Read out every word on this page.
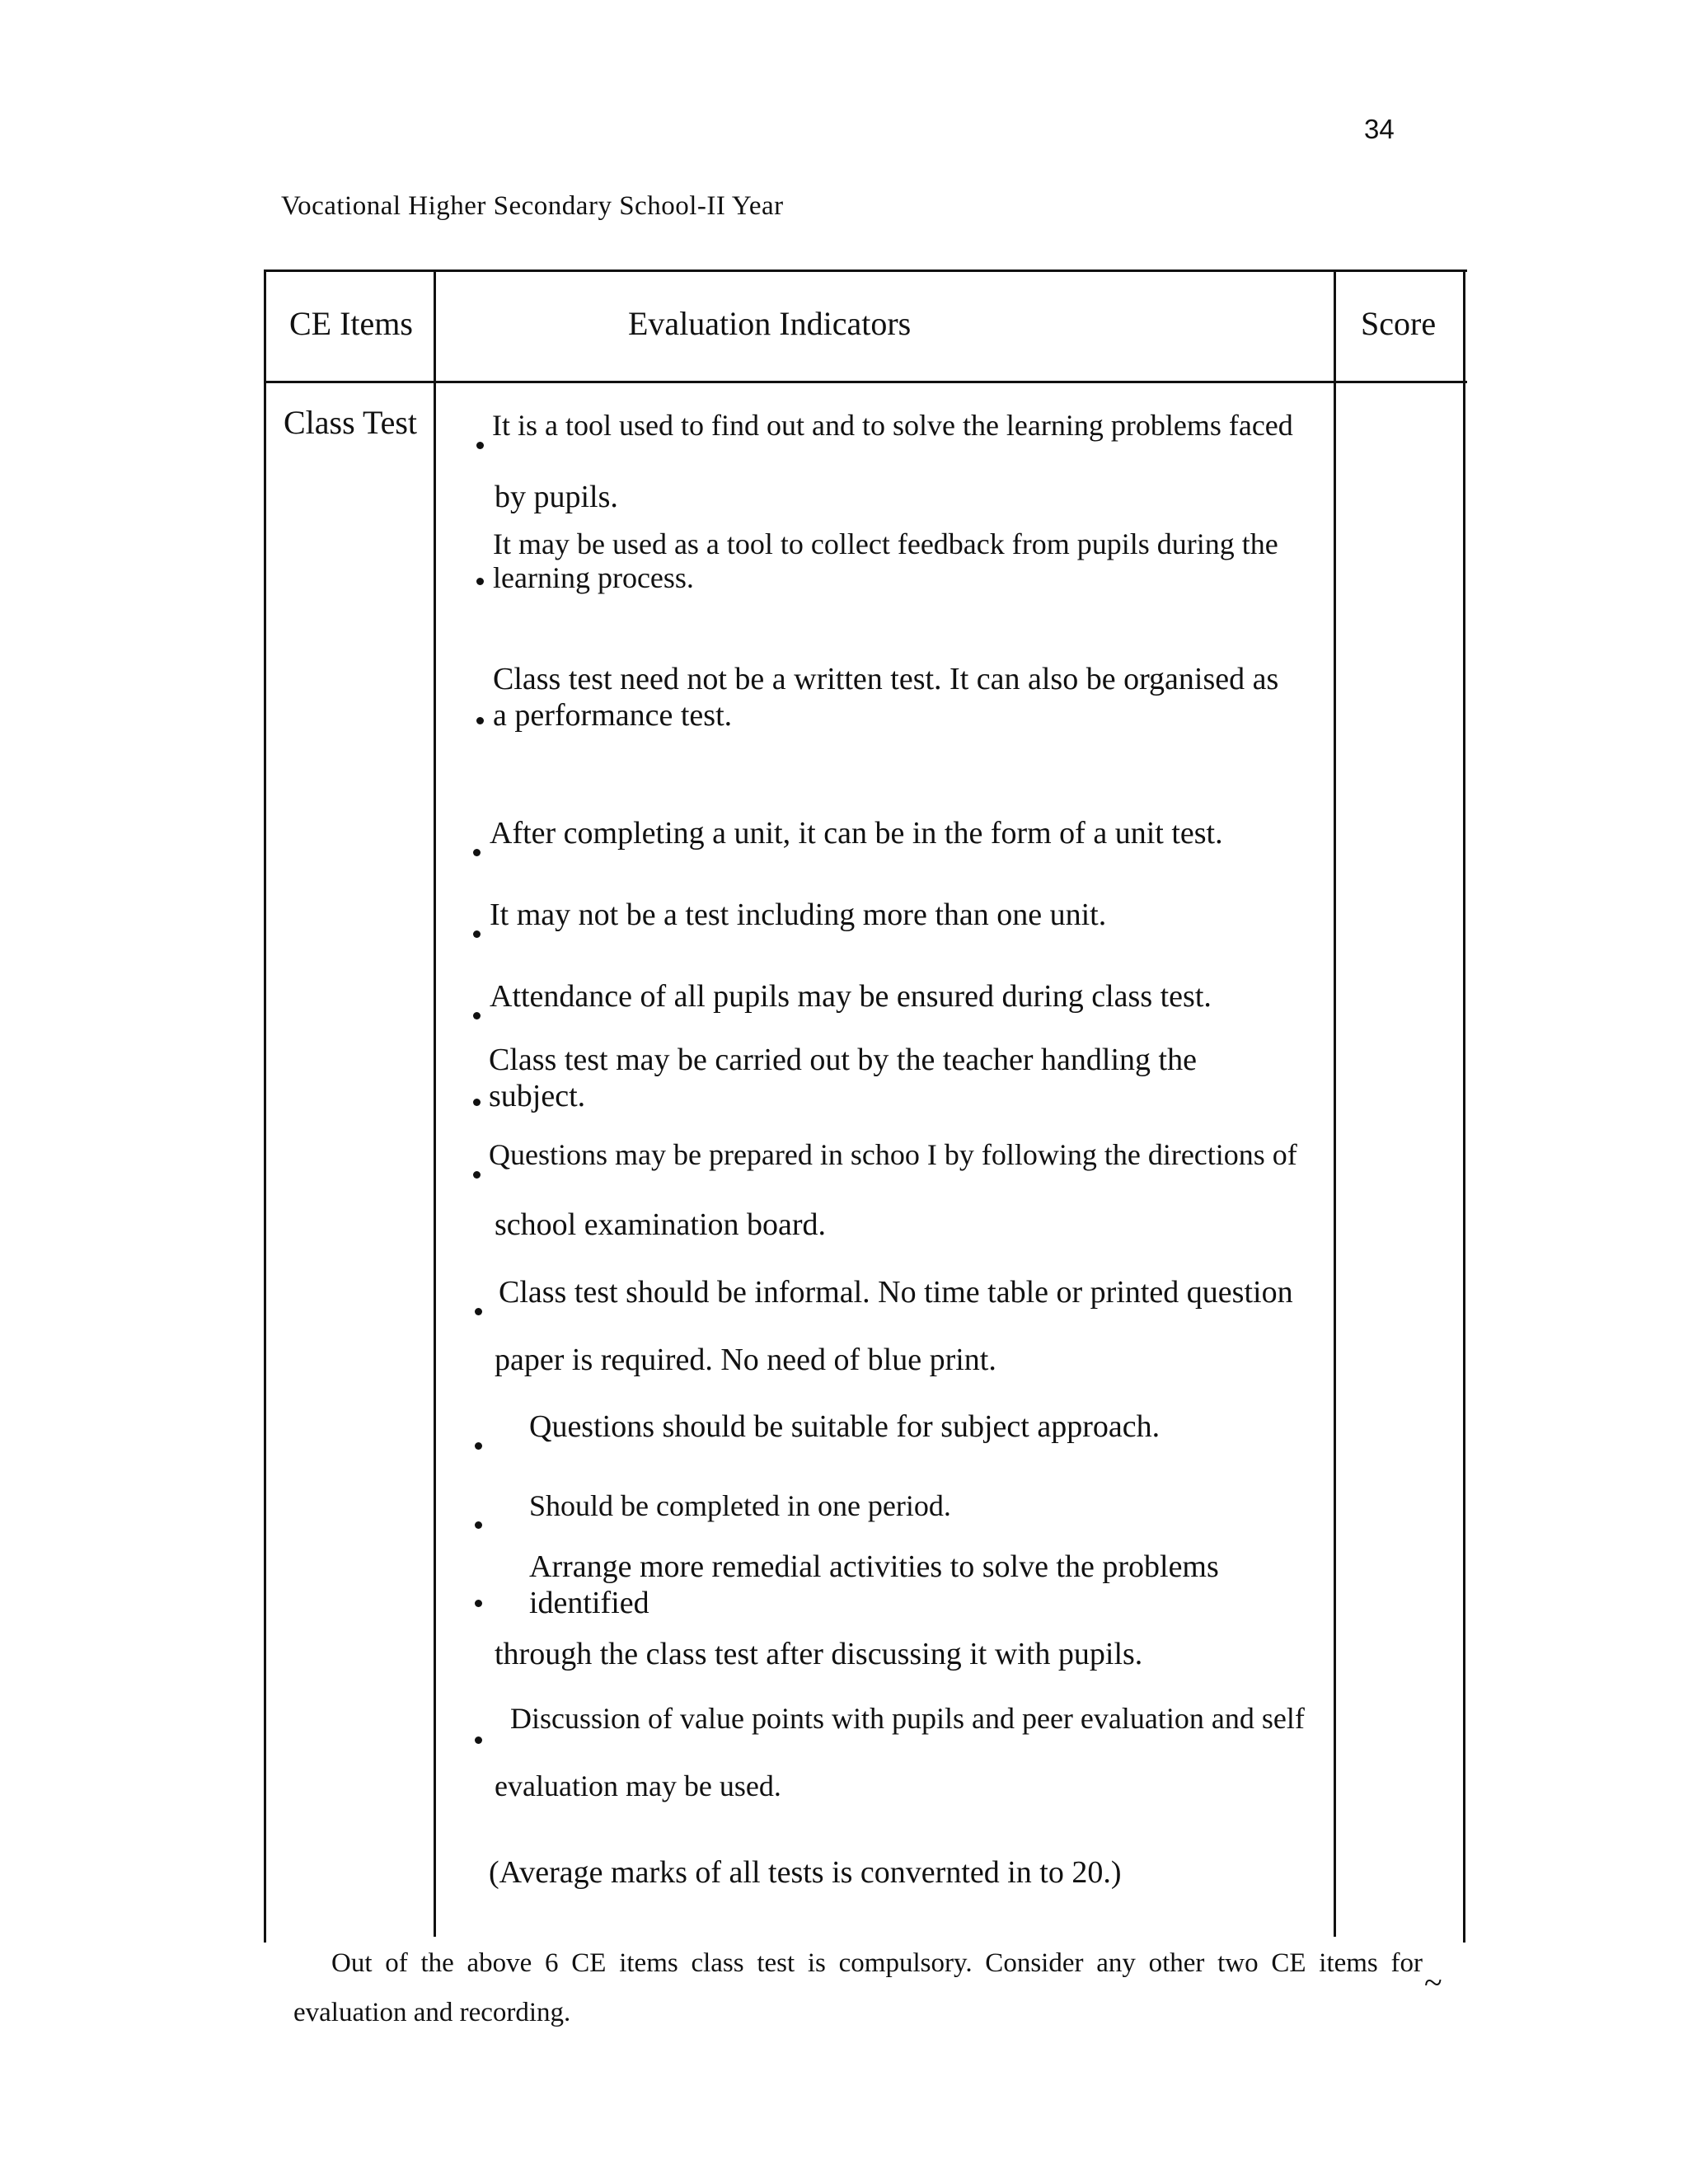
34
Vocational Higher Secondary School-II Year
CE Items	Evaluation Indicators	Score
Class Test	It is a tool used to find out and to solve the learning problems faced
by pupils.
It may be used as a tool to collect feedback from pupils during the
learning process.
Class test need not be a written test. It can also be organised as
a performance test.
After completing a unit, it can be in the form of a unit test.
It may not be a test including more than one unit.
Attendance of all pupils may be ensured during class test.
Class test may be carried out by the teacher handling the
subject.
Questions may be prepared in schoo I by following the directions of
school examination board.
Class test should be informal. No time table or printed question
paper is required. No need of blue print.
Questions should be suitable for subject approach.
Should be completed in one period.
Arrange more remedial activities to solve the problems
identified
through the class test after discussing it with pupils.
Discussion of value points with pupils and peer evaluation and self
evaluation may be used.
(Average marks of all tests is convernted in to 20.)
Out of the above 6 CE items class test is compulsory. Consider any other two CE items for evaluation and recording.
~
